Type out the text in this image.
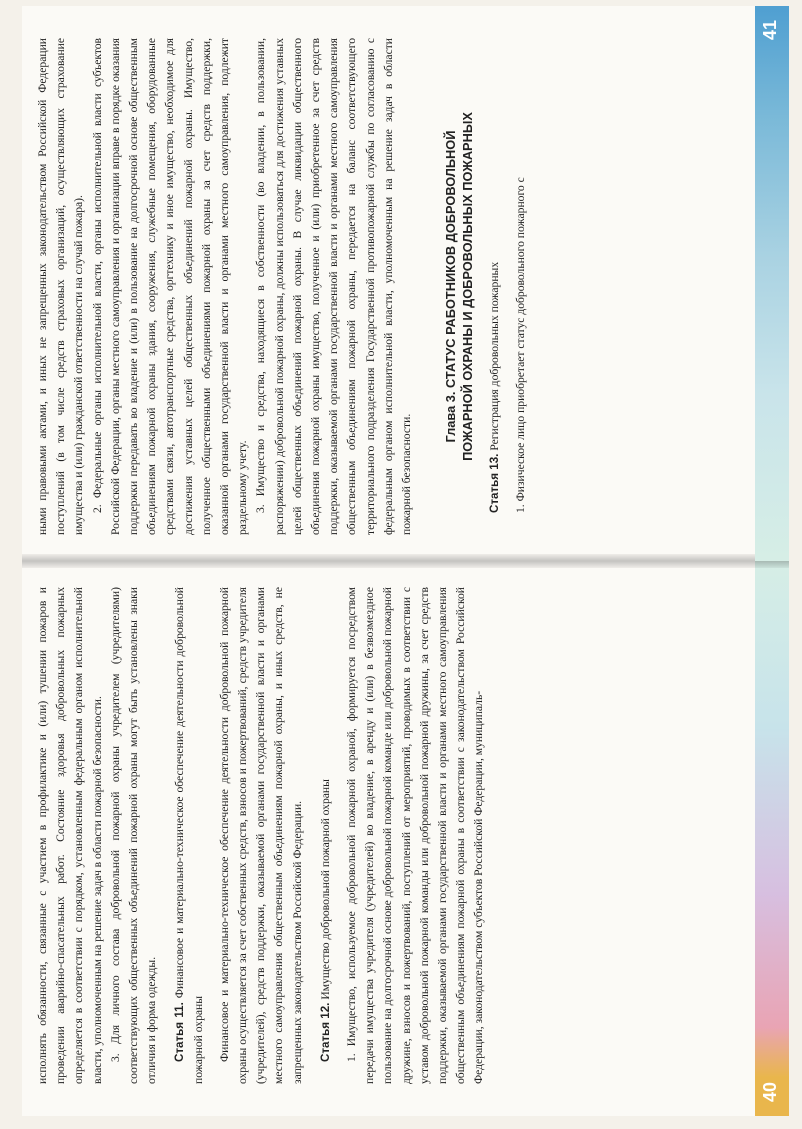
исполнять обязанности, связанные с участием в профилактике и (или) тушении пожаров и проведении аварийно-спасательных работ. Состояние здоровья добровольных пожарных определяется в соответствии с порядком, установленным федеральным органом исполнительной власти, уполномоченным на решение задач в области пожарной безопасности. 3. Для личного состава добровольной пожарной охраны учредителем (учредителями) соответствующих общественных объединений пожарной охраны могут быть установлены знаки отличия и форма одежды. Статья 11. Финансовое и материально-техническое обеспечение деятельности добровольной пожарной охраны Финансовое и материально-техническое обеспечение деятельности добровольной пожарной охраны осуществляется за счет собственных средств, взносов и пожертвований, средств учредителя (учредителей), средств поддержки, оказываемой органами государственной власти и органами местного самоуправления общественным объединениям пожарной охраны, и иных средств, не запрещенных законодательством Российской Федерации. Статья 12. Имущество добровольной пожарной охраны 1. Имущество, используемое добровольной пожарной охраной, формируется посредством передачи имущества учредителя (учредителей) во владение, в аренду и (или) в безвозмездное пользование на долгосрочной основе добровольной пожарной команде или добровольной пожарной дружине, взносов и пожертвований, поступлений от мероприятий, проводимых в соответствии с уставом добровольной пожарной команды или добровольной пожарной дружины, за счет средств поддержки, оказываемой органами государственной власти и органами местного самоуправления общественным объединениям пожарной охраны в соответствии с законодательством Российской Федерации, законодательством субъектов Российской Федерации, муниципаль-

40

ными правовыми актами, и иных не запрещенных законодательством Российской Федерации поступлений (в том числе средств страховых организаций, осуществляющих страхование имущества и (или) гражданской ответственности на случай пожара). 2. Федеральные органы исполнительной власти, органы исполнительной власти субъектов Российской Федерации, органы местного самоуправления и организации вправе в порядке оказания поддержки передавать во владение и (или) в пользование на долгосрочной основе общественным объединениям пожарной охраны здания, сооружения, служебные помещения, оборудованные средствами связи, автотранспортные средства, оргтехнику и иное имущество, необходимое для достижения уставных целей общественных объединений пожарной охраны. Имущество, полученное общественными объединениями пожарной охраны за счет средств поддержки, оказанной органами государственной власти и органами местного самоуправления, подлежит раздельному учету. 3. Имущество и средства, находящиеся в собственности (во владении, в пользовании, распоряжении) добровольной пожарной охраны, должны использоваться для достижения уставных целей общественных объединений пожарной охраны. В случае ликвидации общественного объединения пожарной охраны имущество, полученное и (или) приобретенное за счет средств поддержки, оказываемой органами государственной власти и органами местного самоуправления общественным объединениям пожарной охраны, передается на баланс соответствующего территориального подразделения Государственной противопожарной службы по согласованию с федеральным органом исполнительной власти, уполномоченным на решение задач в области пожарной безопасности.

Глава 3. СТАТУС РАБОТНИКОВ ДОБРОВОЛЬНОЙ ПОЖАРНОЙ ОХРАНЫ И ДОБРОВОЛЬНЫХ ПОЖАРНЫХ
Статья 13. Регистрация добровольных пожарных 1. Физическое лицо приобретает статус добровольного пожарного с

41
